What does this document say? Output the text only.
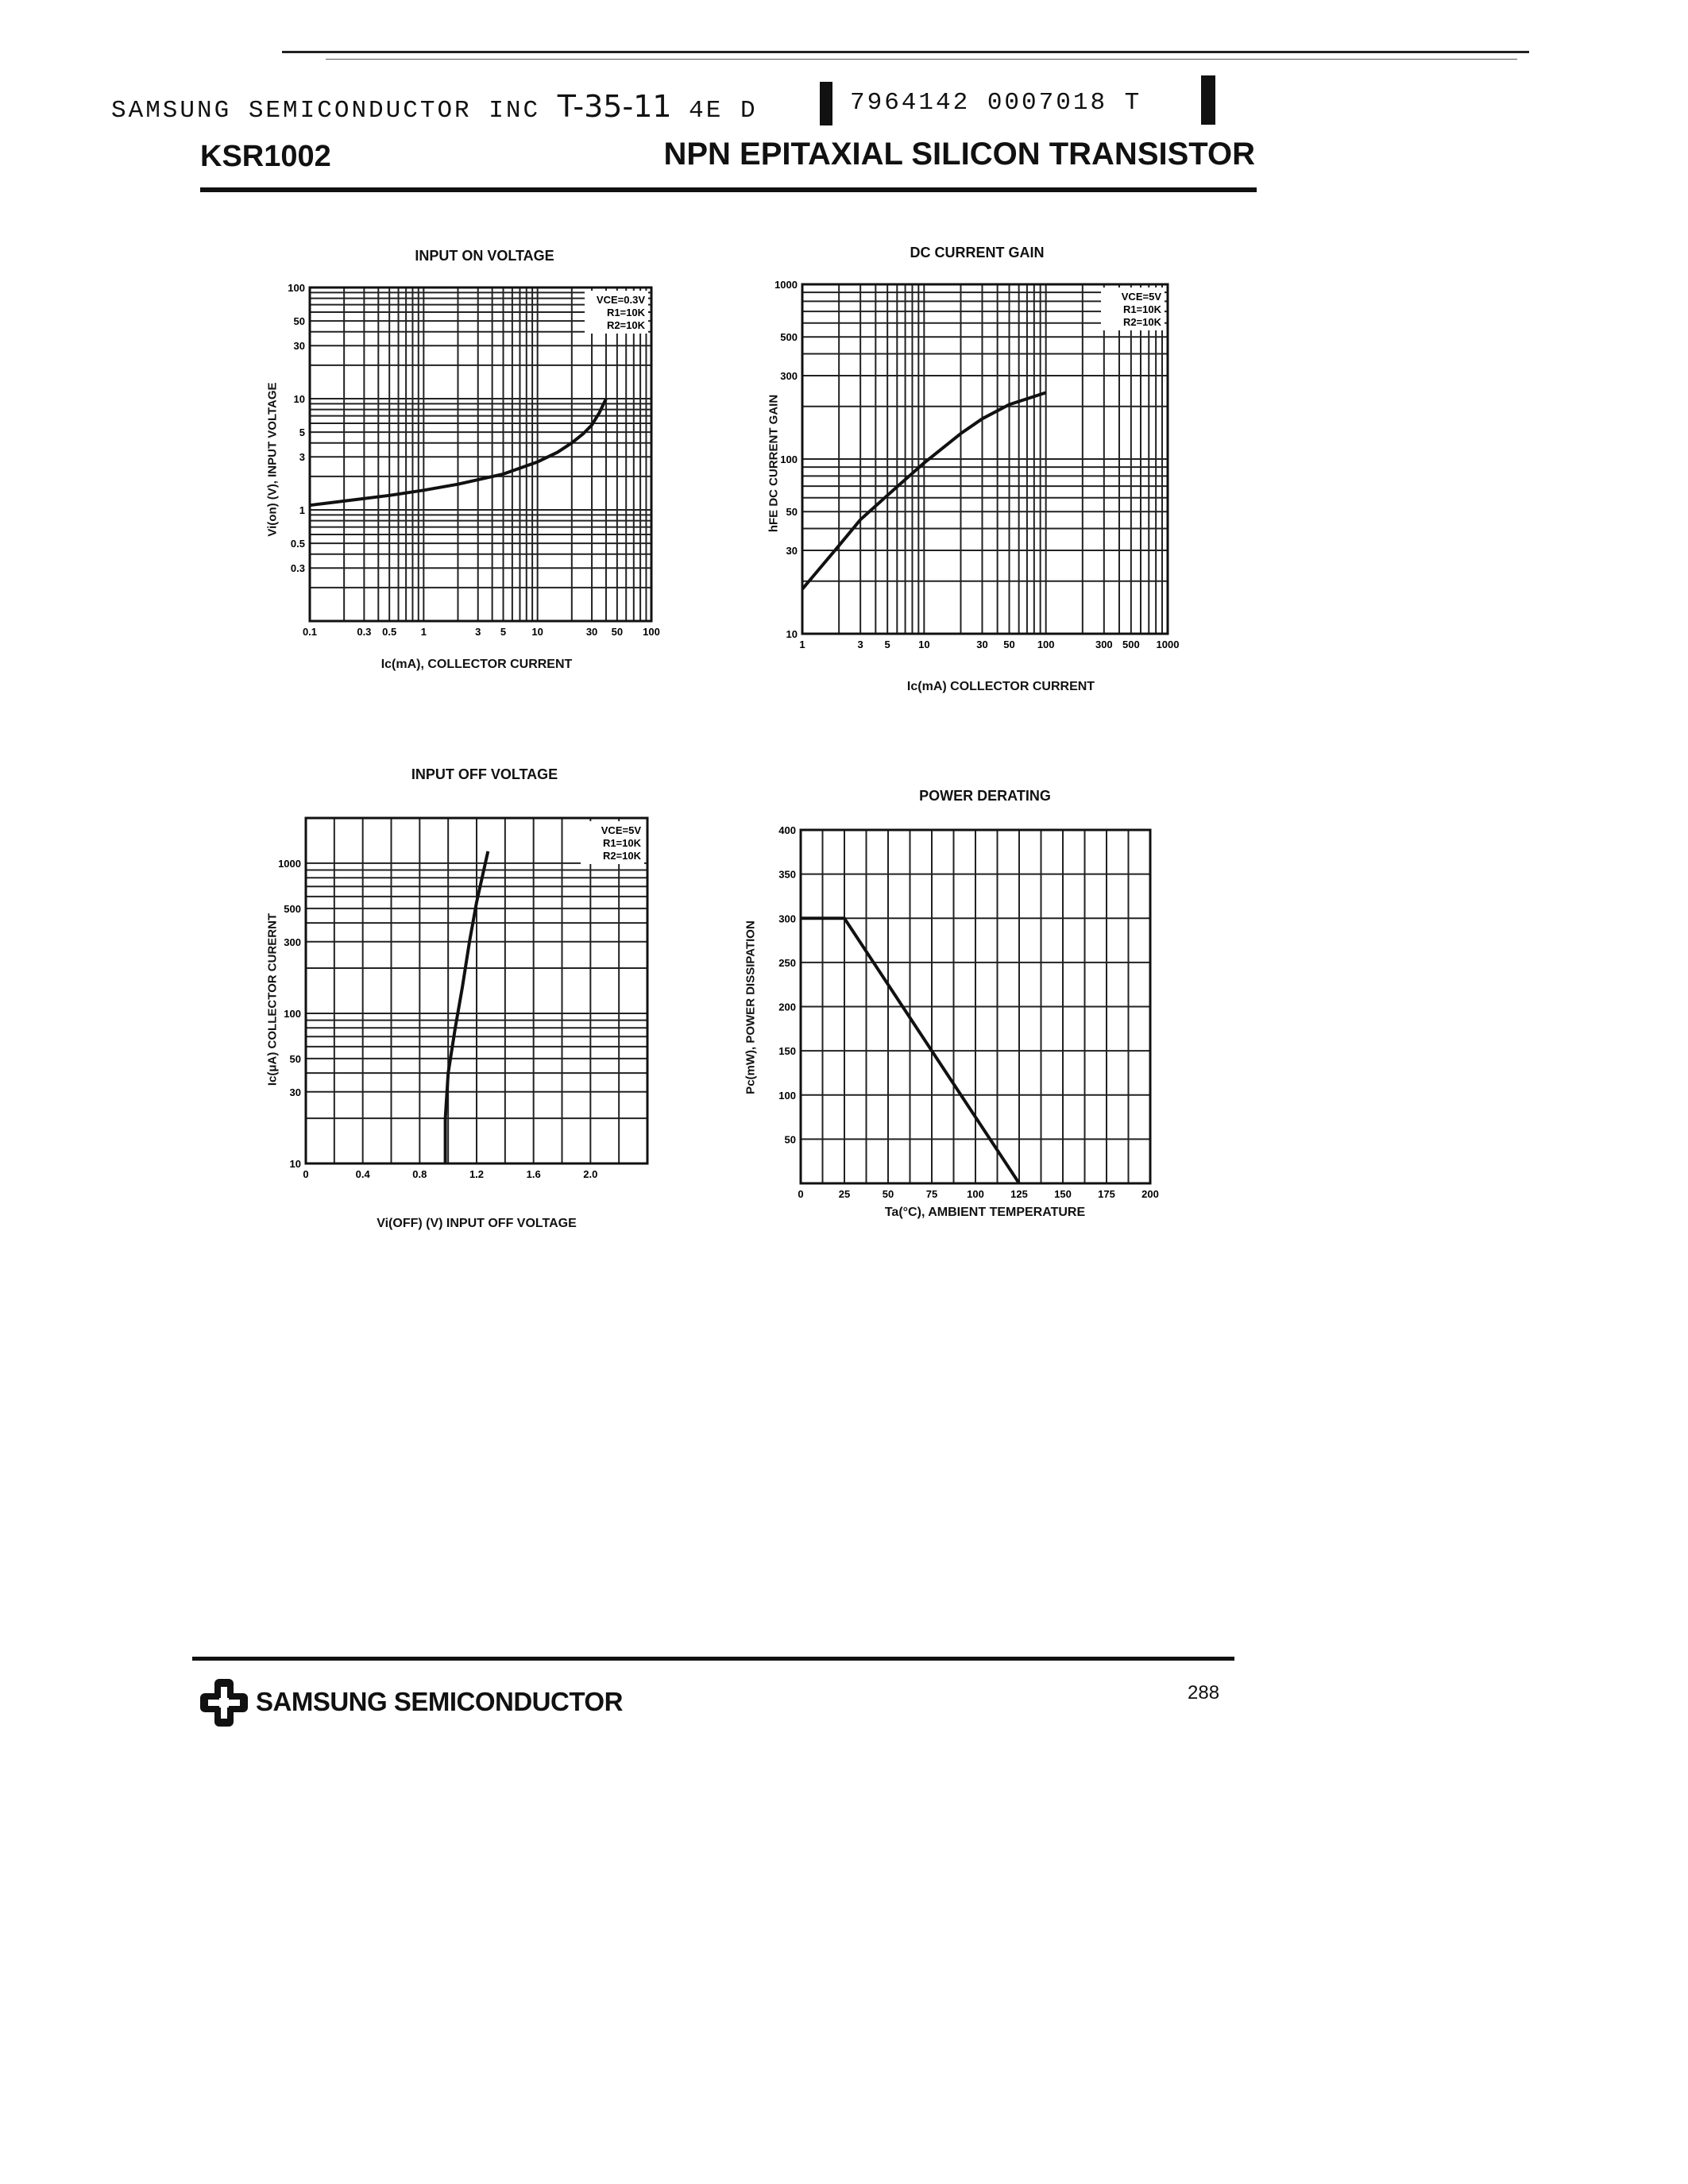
SAMSUNG SEMICONDUCTOR INC T-35-11 4E D	7964142 0007018 T
KSR1002	NPN EPITAXIAL SILICON TRANSISTOR
INPUT ON VOLTAGE
0.1	0.3 0.5 1	3 5 10	30 50 100
0.3
0.5
1
3
5
10
30
50
100
VCE=0.3V
R1=10K
R2=10K
Ic(mA), COLLECTOR CURRENT
Vi(on) (V), INPUT VOLTAGE
DC CURRENT GAIN
1	3 5	10	30 50 100	300 500 1000
10
30
50
100
300
500
1000
VCE=5V
R1=10K
R2=10K
Ic(mA) COLLECTOR CURRENT
hFE DC CURRENT GAIN
INPUT OFF VOLTAGE
0	0.4	0.8	1.2	1.6	2.0
10
30
50
100
300
500
1000
VCE=5V
R1=10K
R2=10K
Vi(OFF) (V) INPUT OFF VOLTAGE
Ic(μA) COLLECTOR CURERNT
POWER DERATING
0	25	50	75	100	125	150	175	200
50
100
150
200
250
300
350
400
Ta(°C), AMBIENT TEMPERATURE
Pc(mW), POWER DISSIPATION
SAMSUNG SEMICONDUCTOR	288
